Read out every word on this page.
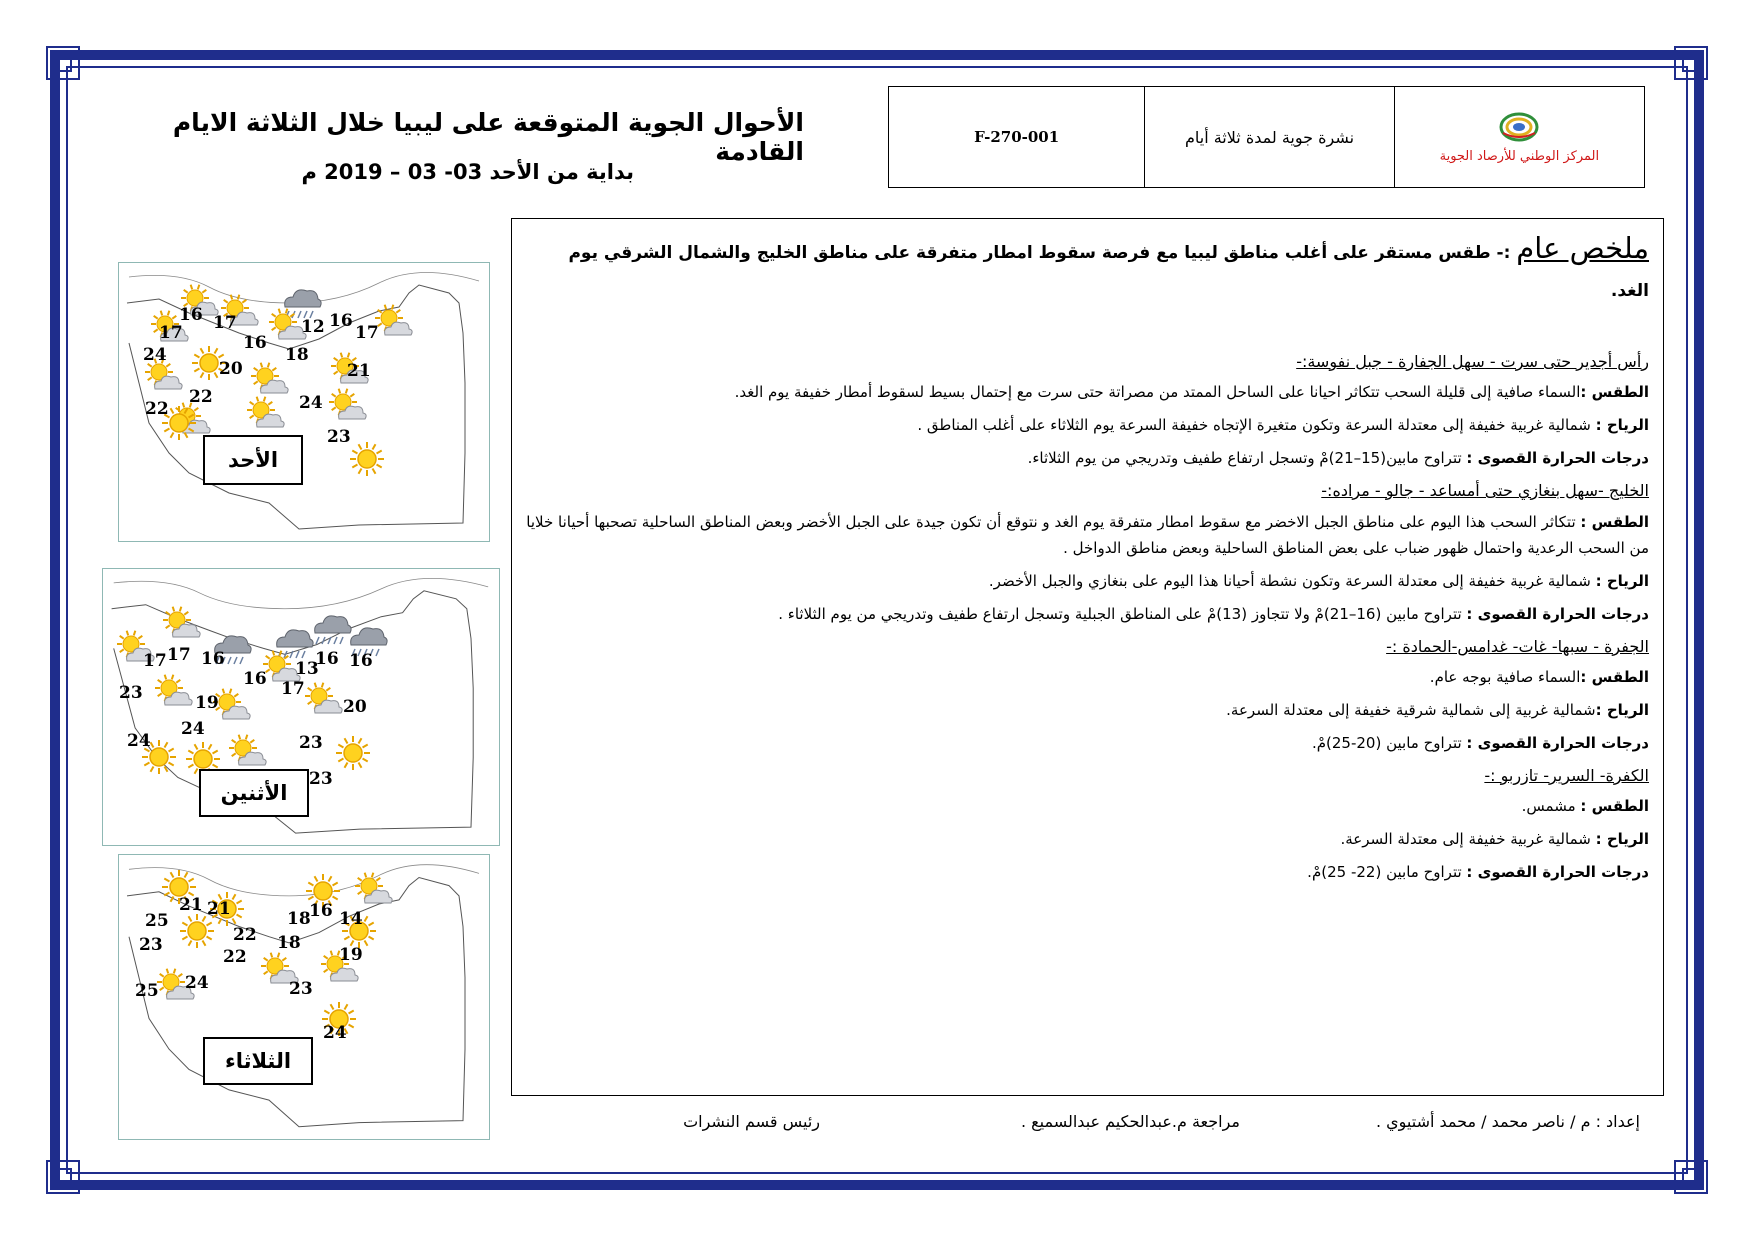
الأحوال الجوية المتوقعة على ليبيا خلال الثلاثة الايام القادمة
بداية من الأحد 03- 03 – 2019 م
F-270-001	نشرة جوية لمدة ثلاثة أيام
المركز الوطني للأرصاد الجوية
ملخص عام :- طقس مستقر على أغلب مناطق ليبيا مع فرصة سقوط امطار متفرقة على مناطق الخليج والشمال الشرقي يوم الغد.
رأس أجدير حتى سرت - سهل الجفارة - جبل نفوسة:-
الطقس :السماء صافية إلى قليلة السحب تتكاثر احيانا على الساحل الممتد من مصراتة حتى سرت مع إحتمال بسيط لسقوط أمطار خفيفة يوم الغد.
الرياح : شمالية غربية خفيفة إلى معتدلة السرعة وتكون متغيرة الإتجاه خفيفة السرعة يوم الثلاثاء على أغلب المناطق .
درجات الحرارة القصوى : تتراوح مابين(15–21)مْ وتسجل ارتفاع طفيف وتدريجي من يوم الثلاثاء.
الخليج -سهل بنغازي حتى أمساعد - جالو - مراده:-
الطقس : تتكاثر السحب هذا اليوم على مناطق الجبل الاخضر مع سقوط امطار متفرقة يوم الغد و نتوقع أن تكون جيدة على الجبل الأخضر وبعض المناطق الساحلية تصحبها أحيانا خلايا من السحب الرعدية واحتمال ظهور ضباب على بعض المناطق الساحلية وبعض مناطق الدواخل .
الرياح : شمالية غربية خفيفة إلى معتدلة السرعة وتكون نشطة أحيانا هذا اليوم على بنغازي والجبل الأخضر.
درجات الحرارة القصوى : تتراوح مابين (16–21)مْ ولا تتجاوز (13)مْ على المناطق الجبلية وتسجل ارتفاع طفيف وتدريجي من يوم الثلاثاء .
الجفرة - سبها- غات- غدامس-الحمادة :-
الطقس :السماء صافية بوجه عام.
الرياح :شمالية غربية إلى شمالية شرقية خفيفة إلى معتدلة السرعة.
درجات الحرارة القصوى : تتراوح مابين (20-25)مْ.
الكفرة- السرير- تازربو :-
الطقس : مشمس.
الرياح : شمالية غربية خفيفة إلى معتدلة السرعة.
درجات الحرارة القصوى : تتراوح مابين (22- 25)مْ.
إعداد : م / ناصر محمد / محمد أشتيوي .
مراجعة م.عبدالحكيم عبدالسميع .
رئيس قسم النشرات
17
16 17	12 16
17
16
18
24
20	21
22	24
22
23
الأحد
17 17 16	13
16 16
16 17
23	19	20
24
24	23
23
الأثنين
21 21	18
16 14
25
22 18
23
22	19
24
25	23
24
الثلاثاء
